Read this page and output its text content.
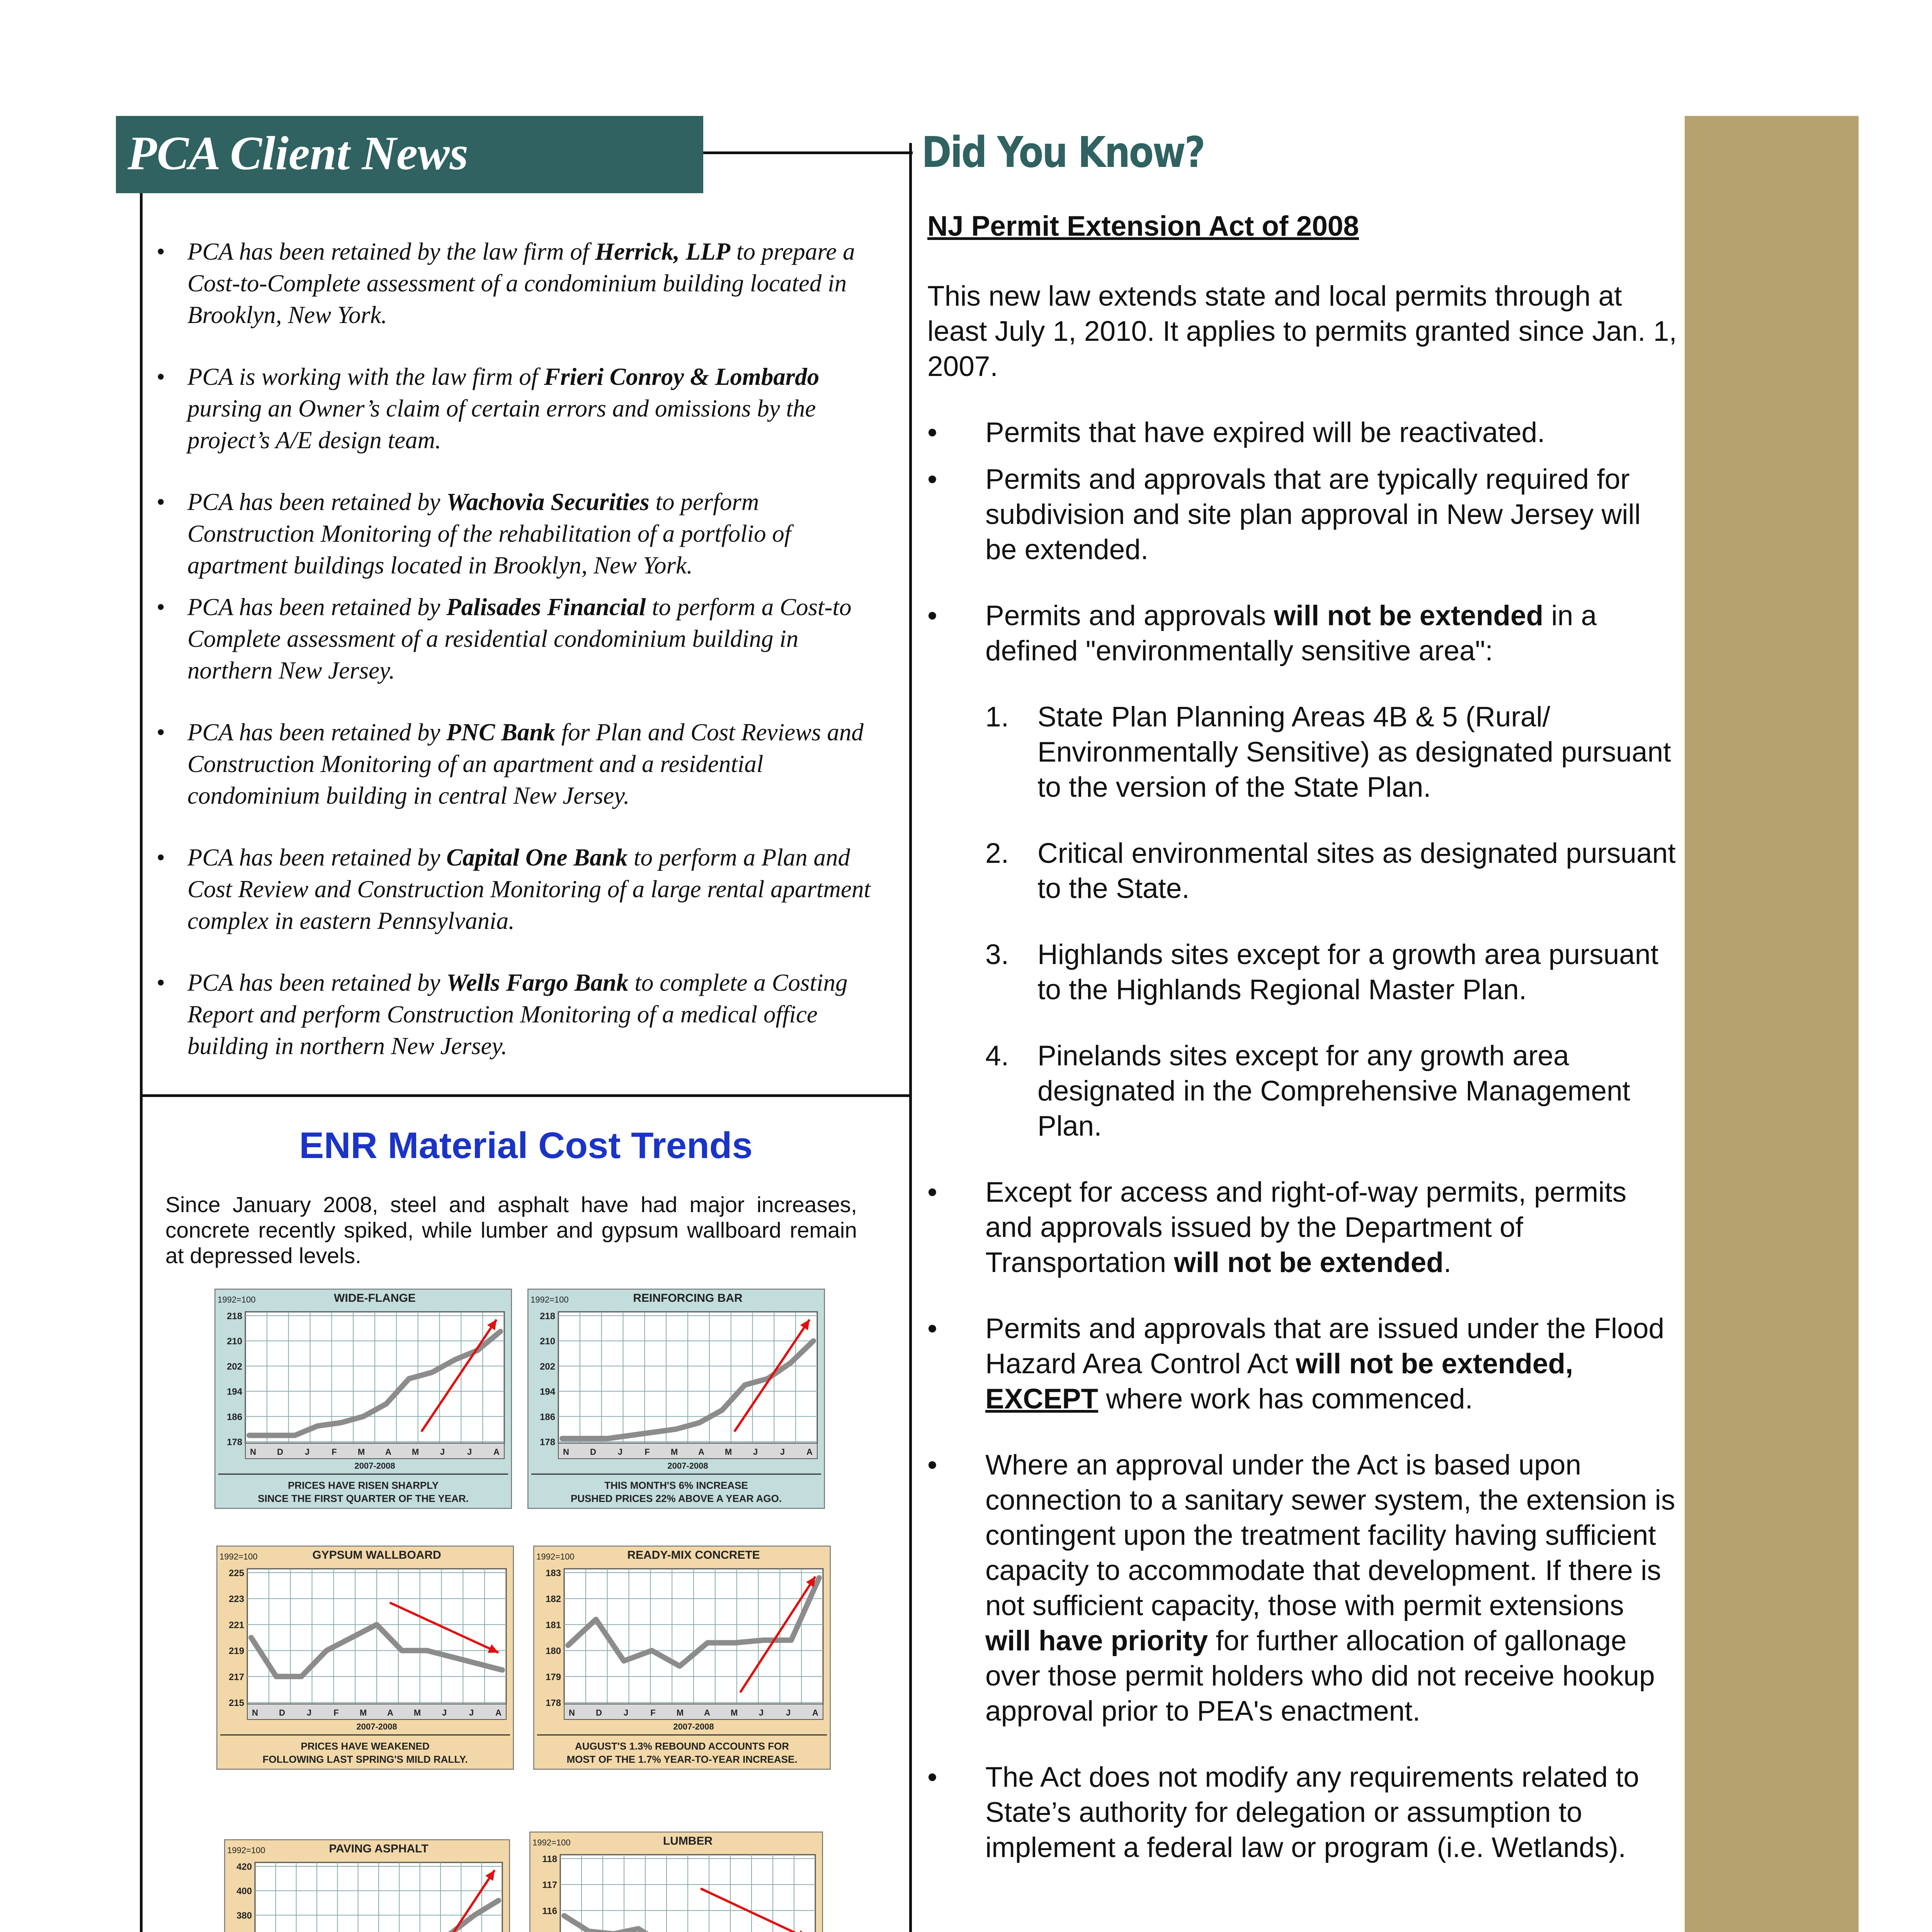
PCA Client News
• PCA has been retained by the law firm of Herrick, LLP to prepare a Cost-to-Complete assessment of a condominium building located in Brooklyn, New York.
• PCA is working with the law firm of Frieri Conroy & Lombardo pursing an Owner’s claim of certain errors and omissions by the project’s A/E design team.
• PCA has been retained by Wachovia Securities to perform Construction Monitoring of the rehabilitation of a portfolio of apartment buildings located in Brooklyn, New York.
• PCA has been retained by Palisades Financial to perform a Cost-to Complete assessment of a residential condominium building in northern New Jersey.
• PCA has been retained by PNC Bank for Plan and Cost Reviews and Construction Monitoring of an apartment and a residential condominium building in central New Jersey.
• PCA has been retained by Capital One Bank to perform a Plan and Cost Review and Construction Monitoring of a large rental apartment complex in eastern Pennsylvania.
• PCA has been retained by Wells Fargo Bank to complete a Costing Report and perform Construction Monitoring of a medical office building in northern New Jersey.
ENR Material Cost Trends
Since January 2008, steel and asphalt have had major increases, concrete recently spiked, while lumber and gypsum wallboard remain at depressed levels.
1992=100	WIDE-FLANGE
178
186
194
202
210
218
N D	J	F M A M J	J	A
2007-2008
PRICES HAVE RISEN SHARPLY
SINCE THE FIRST QUARTER OF THE YEAR.
1992=100	REINFORCING BAR
178
186
194
202
210
218
N D	J	F M A M J	J	A
2007-2008
THIS MONTH'S 6% INCREASE
PUSHED PRICES 22% ABOVE A YEAR AGO.
1992=100	GYPSUM WALLBOARD
215
217
219
221
223
225
N D	J	F M A M J	J	A
2007-2008
PRICES HAVE WEAKENED
FOLLOWING LAST SPRING'S MILD RALLY.
1992=100	READY-MIX CONCRETE
178
179
180
181
182
183
N D	J	F M A M J	J	A
2007-2008
AUGUST'S 1.3% REBOUND ACCOUNTS FOR
MOST OF THE 1.7% YEAR-TO-YEAR INCREASE.
1992=100	PAVING ASPHALT
380
400
420
1992=100	LUMBER
116
117
118
Did You Know?
NJ Permit Extension Act of 2008
This new law extends state and local permits through at least July 1, 2010. It applies to permits granted since Jan. 1, 2007.
• Permits that have expired will be reactivated.
• Permits and approvals that are typically required for subdivision and site plan approval in New Jersey will be extended.
• Permits and approvals will not be extended in a defined "environmentally sensitive area":
1. State Plan Planning Areas 4B & 5 (Rural/ Environmentally Sensitive) as designated pursuant to the version of the State Plan.
2. Critical environmental sites as designated pursuant to the State.
3. Highlands sites except for a growth area pursuant to the Highlands Regional Master Plan.
4. Pinelands sites except for any growth area designated in the Comprehensive Management Plan.
• Except for access and right-of-way permits, permits and approvals issued by the Department of Transportation will not be extended.
• Permits and approvals that are issued under the Flood Hazard Area Control Act will not be extended, EXCEPT where work has commenced.
• Where an approval under the Act is based upon connection to a sanitary sewer system, the extension is contingent upon the treatment facility having sufficient capacity to accommodate that development. If there is not sufficient capacity, those with permit extensions will have priority for further allocation of gallonage over those permit holders who did not receive hookup approval prior to PEA's enactment.
• The Act does not modify any requirements related to State’s authority for delegation or assumption to implement a federal law or program (i.e. Wetlands).
